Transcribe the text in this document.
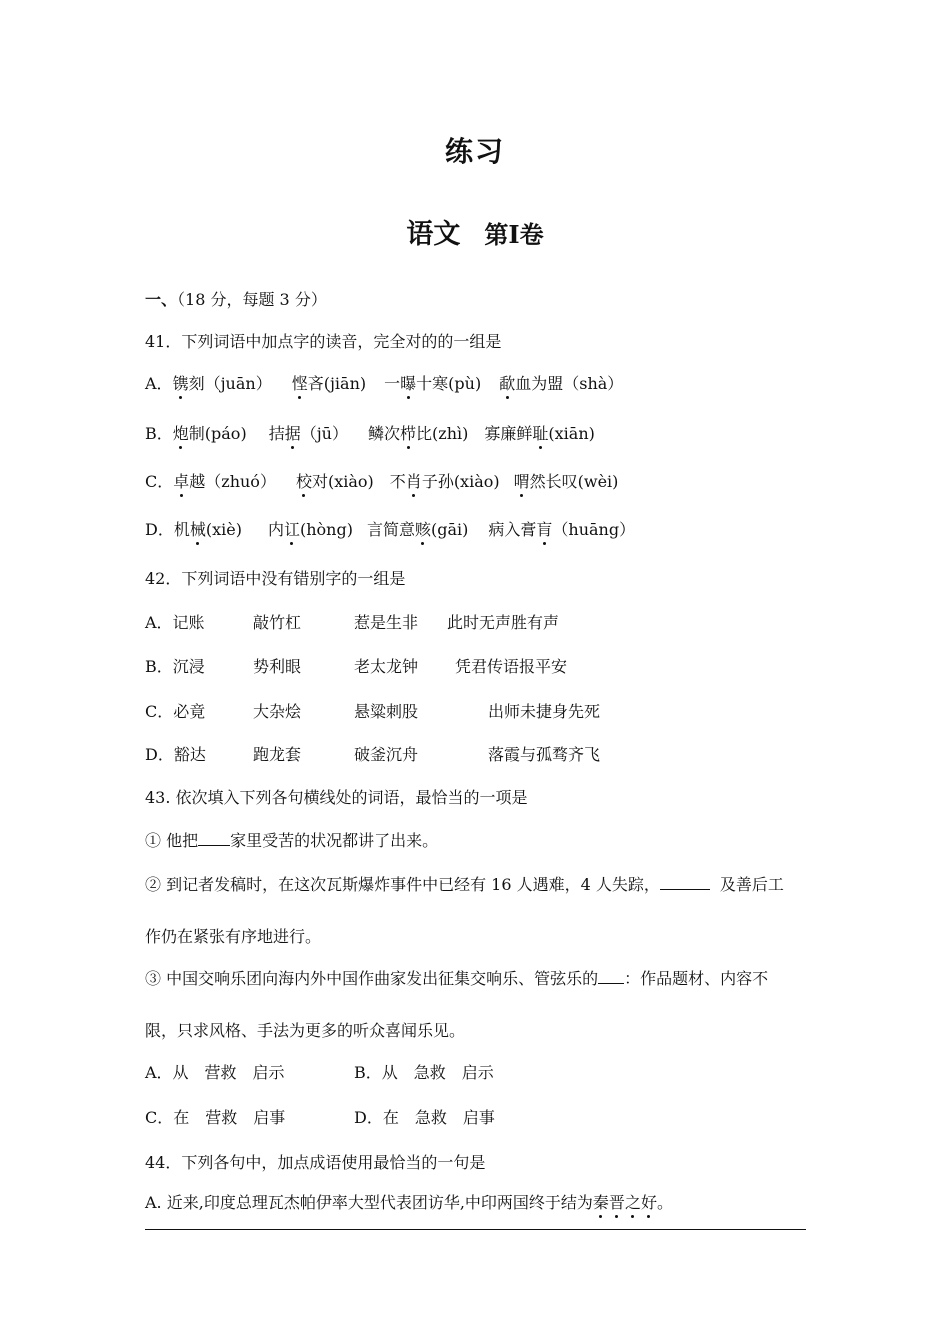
练习
语文 第Ⅰ卷
一、（18 分，每题 3 分）
41．下列词语中加点字的读音，完全对的的一组是
A．镌刻（juān） 悭吝(jiān) 一曝十寒(pù) 歃血为盟（shà）
B．炮制(páo) 拮据（jū） 鳞次栉比(zhì) 寡廉鲜耻(xiān)
C．卓越（zhuó） 校对(xiào) 不肖子孙(xiào) 喟然长叹(wèi)
D．机械(xiè) 内讧(hòng) 言简意赅(gāi) 病入膏肓（huāng）
42．下列词语中没有错别字的一组是
A．记账	敲竹杠	惹是生非 此时无声胜有声
B．沉浸	势利眼	老太龙钟 凭君传语报平安
C．必竟	大杂烩	悬粱刺股	出师未捷身先死
D．豁达	跑龙套	破釜沉舟	落霞与孤骛齐飞
43. 依次填入下列各句横线处的词语，最恰当的一项是
① 他把 家里受苦的状况都讲了出来。
② 到记者发稿时，在这次瓦斯爆炸事件中已经有 16 人遇难，4 人失踪，	及善后工
作仍在紧张有序地进行。
③ 中国交响乐团向海内外中国作曲家发出征集交响乐、管弦乐的 ：作品题材、内容不
限，只求风格、手法为更多的听众喜闻乐见。
A．从　营救　启示	B．从　急救　启示
C．在　营救　启事	D．在　急救　启事
44．下列各句中，加点成语使用最恰当的一句是
A. 近来,印度总理瓦杰帕伊率大型代表团访华,中印两国终于结为秦晋之好。
